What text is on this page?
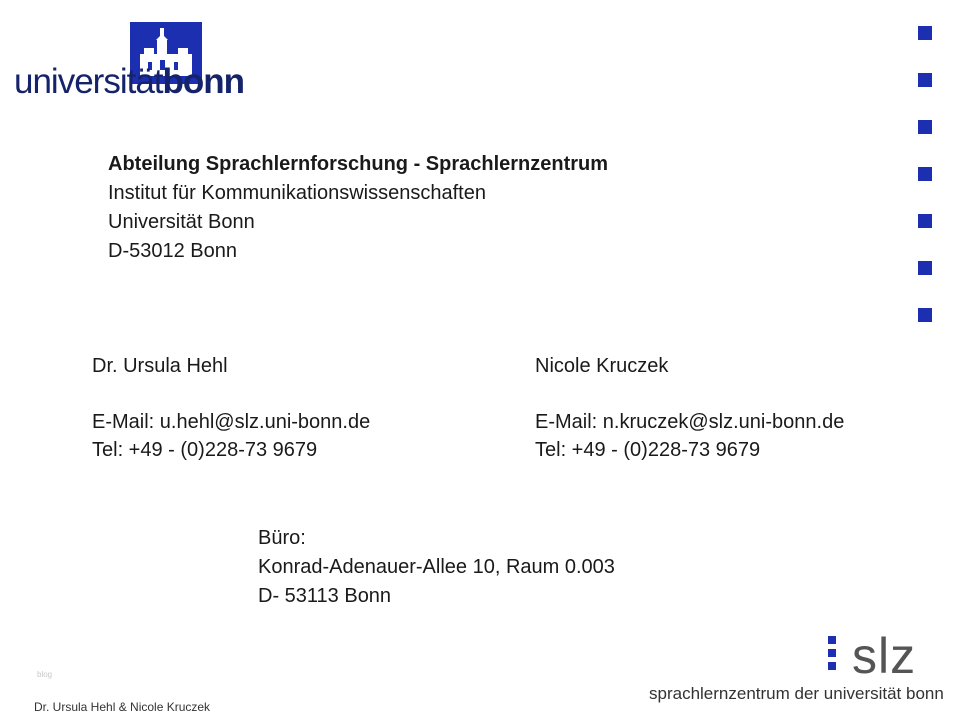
universitätbonn
Abteilung Sprachlernforschung - Sprachlernzentrum
Institut für Kommunikationswissenschaften
Universität Bonn
D-53012 Bonn
Dr. Ursula Hehl
E-Mail: u.hehl@slz.uni-bonn.de
Tel: +49 - (0)228-73 9679
Nicole Kruczek
E-Mail: n.kruczek@slz.uni-bonn.de
Tel: +49 - (0)228-73 9679
Büro:
Konrad-Adenauer-Allee 10, Raum 0.003
D- 53113 Bonn
blog
Dr. Ursula Hehl & Nicole Kruczek
slz
sprachlernzentrum der universität bonn
